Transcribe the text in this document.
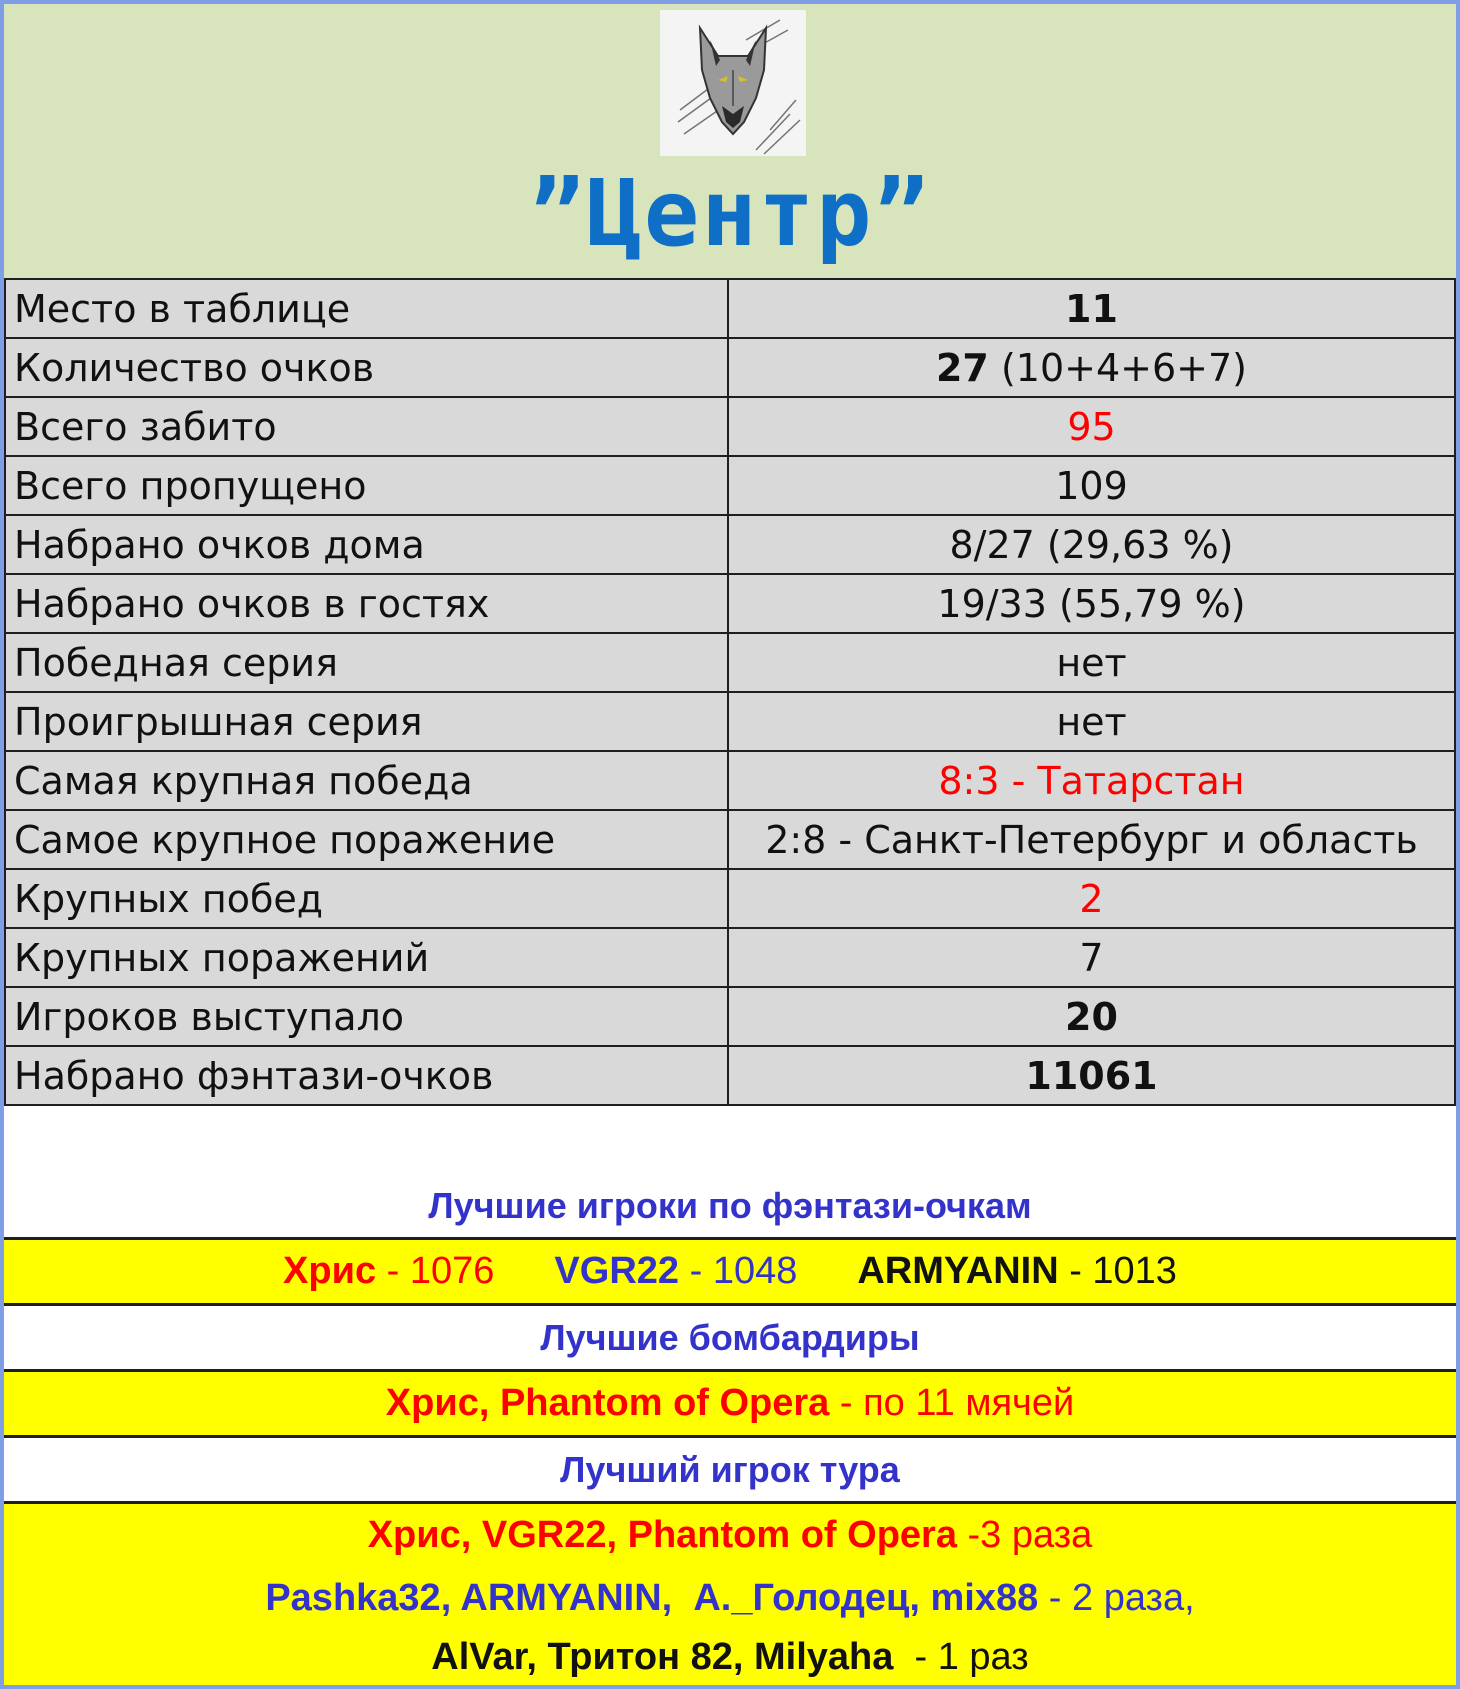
”Центр”
Место в таблице	11
Количество очков	27 (10+4+6+7)
Всего забито	95
Всего пропущено	109
Набрано очков дома	8/27 (29,63 %)
Набрано очков в гостях	19/33 (55,79 %)
Победная серия	нет
Проигрышная серия	нет
Самая крупная победа	8:3 - Татарстан
Самое крупное поражение	2:8 - Санкт-Петербург и область
Крупных побед	2
Крупных поражений	7
Игроков выступало	20
Набрано фэнтази-очков	11061
Лучшие игроки по фэнтази-очкам
Хрис - 1076 VGR22 - 1048 ARMYANIN - 1013
Лучшие бомбардиры
Хрис, Phantom of Opera - по 11 мячей
Лучший игрок тура
Хрис, VGR22, Phantom of Opera -3 раза
Pashka32, ARMYANIN,  А._Голодец, mix88 - 2 раза,
AlVar, Тритон 82, Milyaha  - 1 раз
